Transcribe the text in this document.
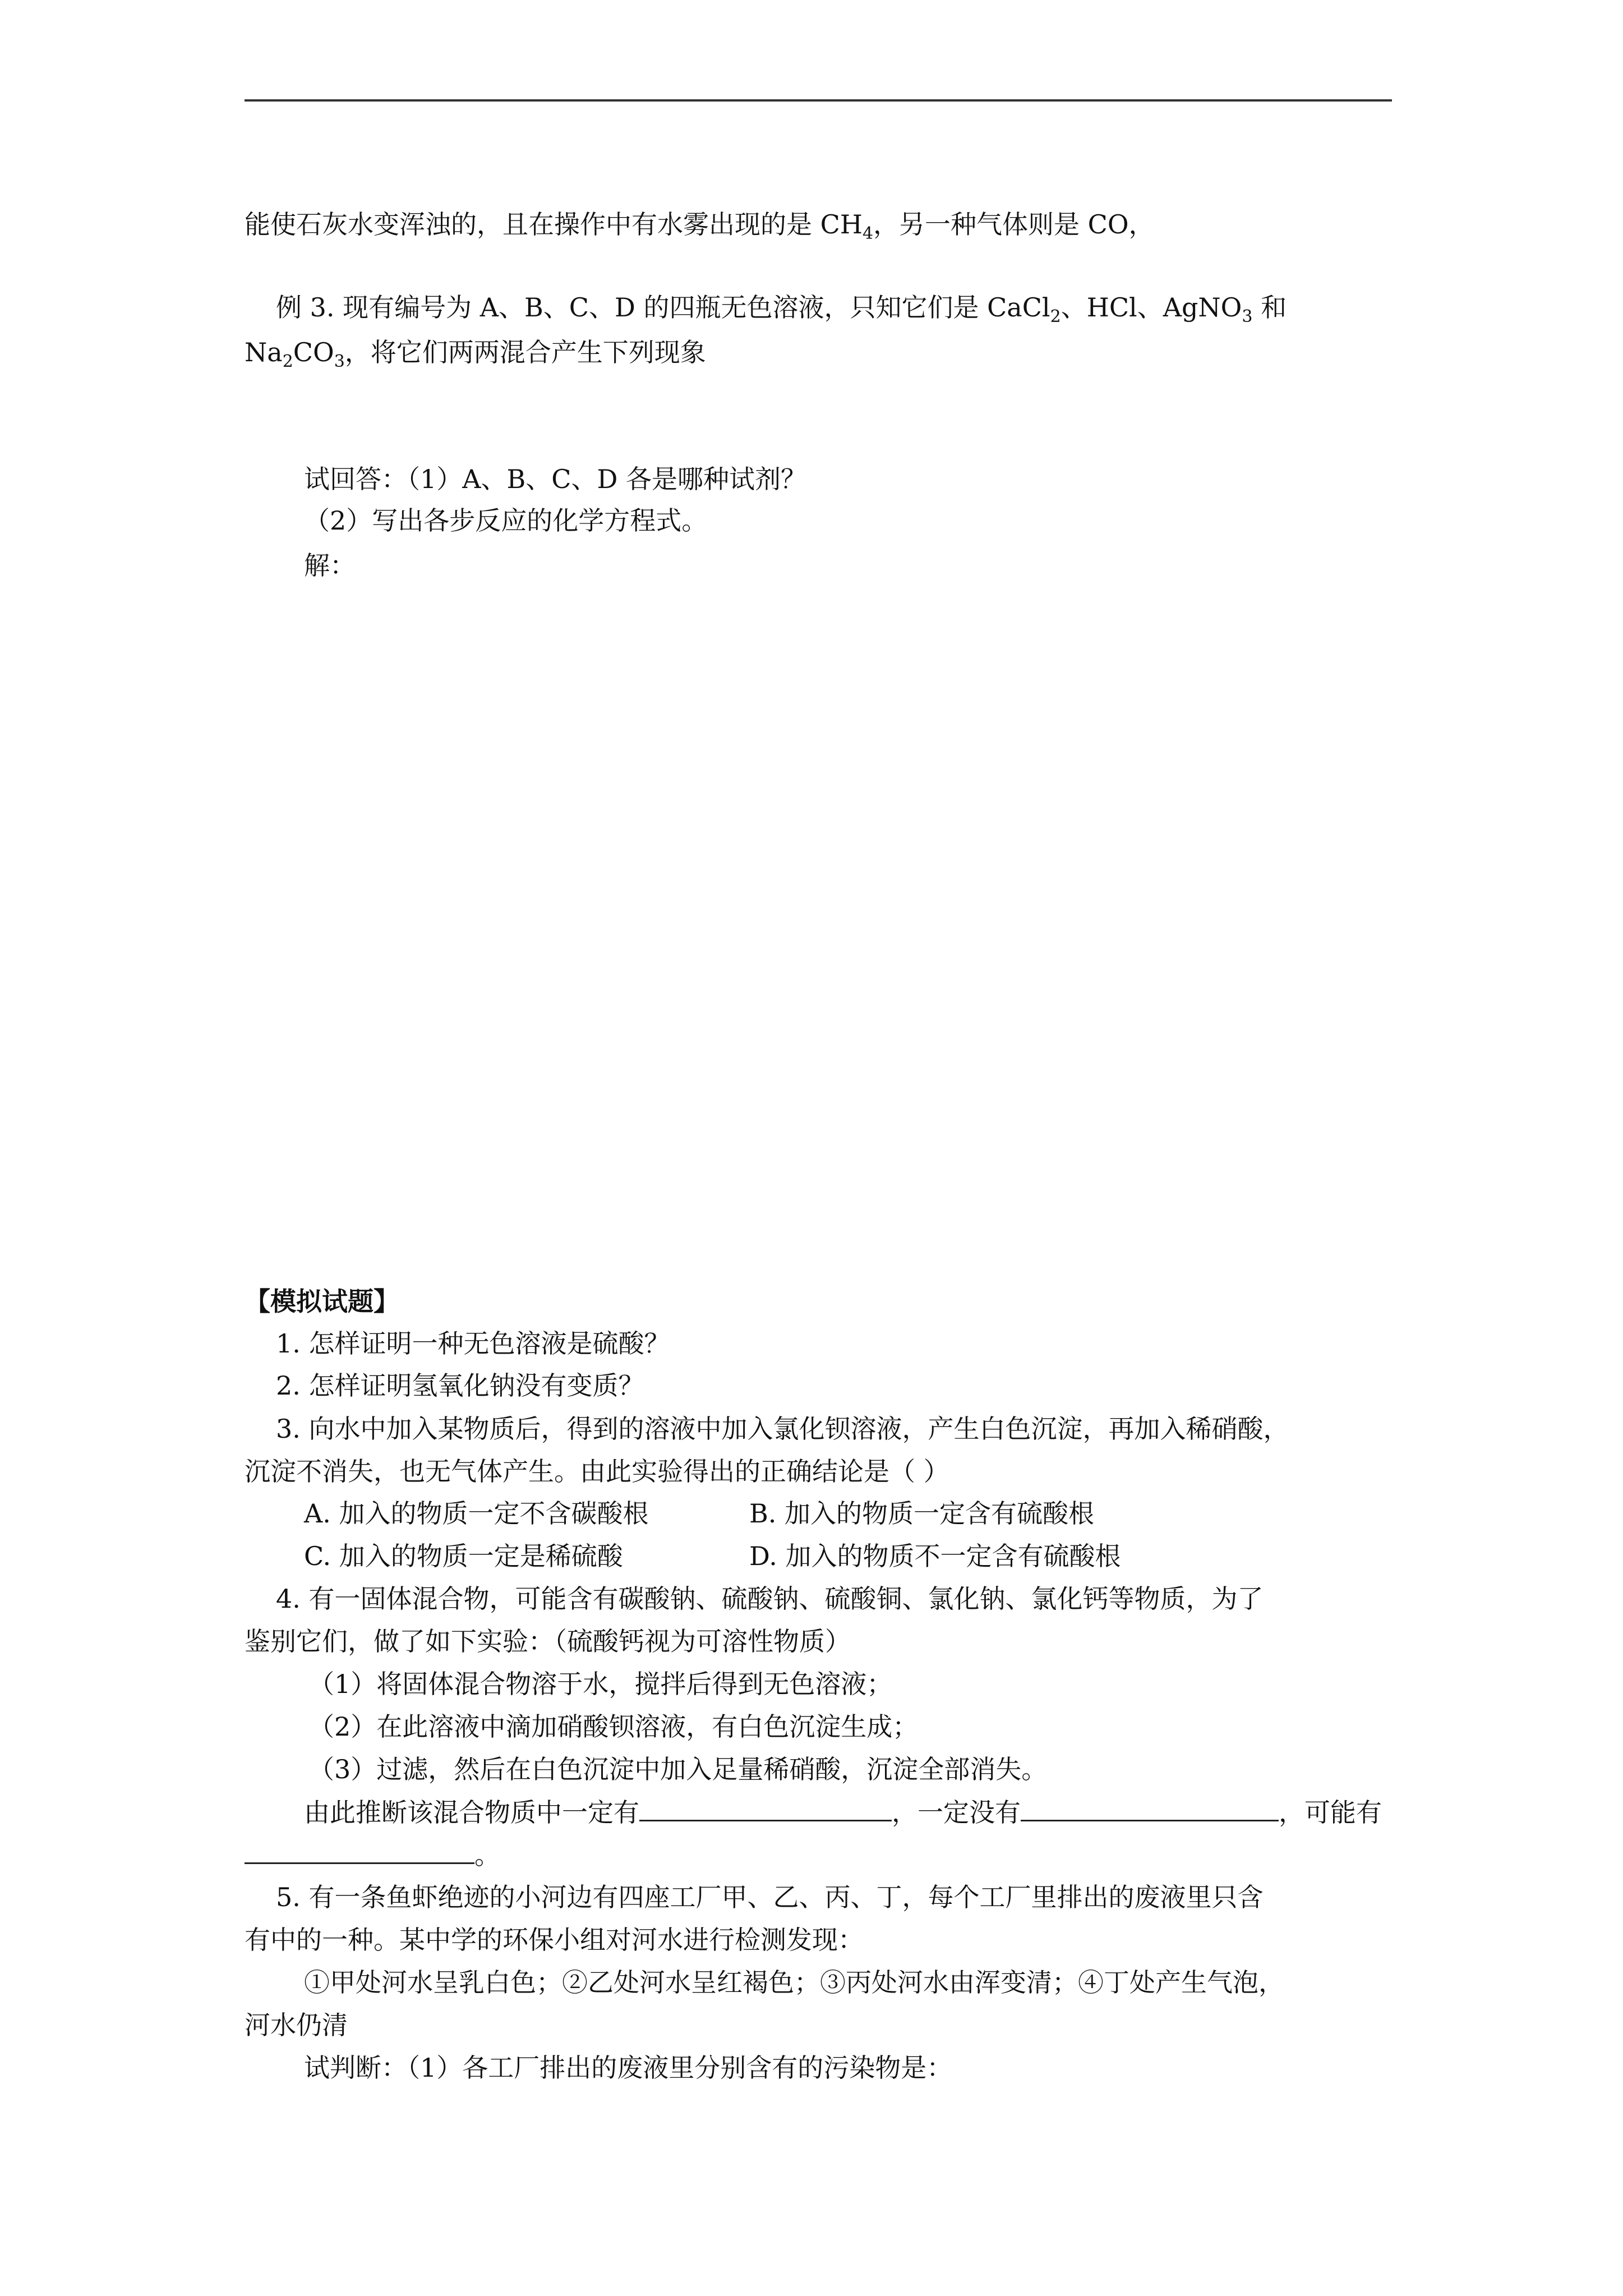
能使石灰水变浑浊的，且在操作中有水雾出现的是 $CH_4$，另一种气体则是 CO，
例 3. 现有编号为 A、B、C、D 的四瓶无色溶液，只知它们是 CaCl$_2$、HCl、AgNO$_3$ 和
$Na_2CO_3$，将它们两两混合产生下列现象
试回答：（1）A、B、C、D 各是哪种试剂？
（2）写出各步反应的化学方程式。
解：
【模拟试题】
1. 怎样证明一种无色溶液是硫酸？
2. 怎样证明氢氧化钠没有变质？
3. 向水中加入某物质后，得到的溶液中加入氯化钡溶液，产生白色沉淀，再加入稀硝酸，
沉淀不消失，也无气体产生。由此实验得出的正确结论是（ ）
A. 加入的物质一定不含碳酸根	B. 加入的物质一定含有硫酸根
C. 加入的物质一定是稀硫酸	D. 加入的物质不一定含有硫酸根
4. 有一固体混合物，可能含有碳酸钠、硫酸钠、硫酸铜、氯化钠、氯化钙等物质，为了
鉴别它们，做了如下实验：（硫酸钙视为可溶性物质）
（1）将固体混合物溶于水，搅拌后得到无色溶液；
（2）在此溶液中滴加硝酸钡溶液，有白色沉淀生成；
（3）过滤，然后在白色沉淀中加入足量稀硝酸，沉淀全部消失。
由此推断该混合物质中一定有	，一定没有	，可能有
。
5. 有一条鱼虾绝迹的小河边有四座工厂甲、乙、丙、丁，每个工厂里排出的废液里只含
有中的一种。某中学的环保小组对河水进行检测发现：
①甲处河水呈乳白色；②乙处河水呈红褐色；③丙处河水由浑变清；④丁处产生气泡，
河水仍清
试判断：（1）各工厂排出的废液里分别含有的污染物是：
